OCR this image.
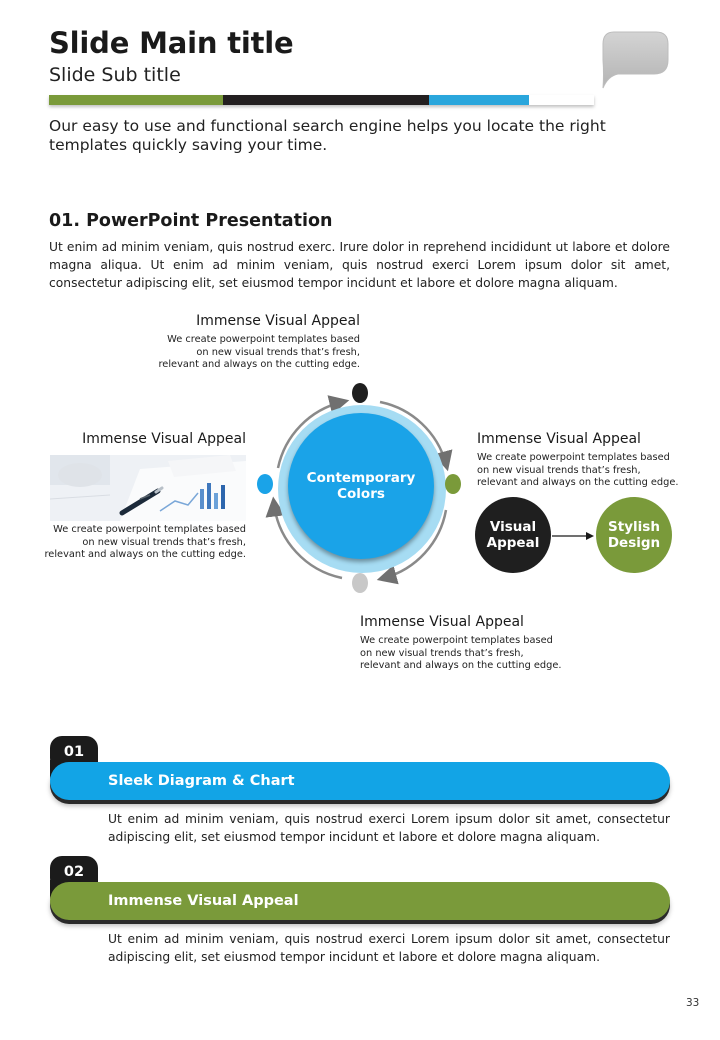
Slide Main title
Slide Sub title
Our easy to use and functional search engine helps you locate the right templates quickly saving your time.
01. PowerPoint Presentation
Ut enim ad minim veniam, quis nostrud exerc. Irure dolor in reprehend incididunt ut labore et dolore magna aliqua. Ut enim ad minim veniam, quis nostrud exerci Lorem ipsum dolor sit amet, consectetur adipiscing elit, set eiusmod tempor incidunt et labore et dolore magna aliquam.
Immense Visual Appeal
We create powerpoint templates based
on new visual trends that’s fresh,
relevant and always on the cutting edge.
Immense Visual Appeal
We create powerpoint templates based
on new visual trends that’s fresh,
relevant and always on the cutting edge.
Immense Visual Appeal
We create powerpoint templates based
on new visual trends that’s fresh,
relevant and always on the cutting edge.
Immense Visual Appeal
We create powerpoint templates based
on new visual trends that’s fresh,
relevant and always on the cutting edge.
Contemporary Colors
Visual Appeal
Stylish Design
01
Sleek Diagram & Chart
Ut enim ad minim veniam, quis nostrud exerci Lorem ipsum dolor sit amet, consectetur adipiscing elit, set eiusmod tempor incidunt et labore et dolore magna aliquam.
02
Immense Visual Appeal
Ut enim ad minim veniam, quis nostrud exerci Lorem ipsum dolor sit amet, consectetur adipiscing elit, set eiusmod tempor incidunt et labore et dolore magna aliquam.
33
